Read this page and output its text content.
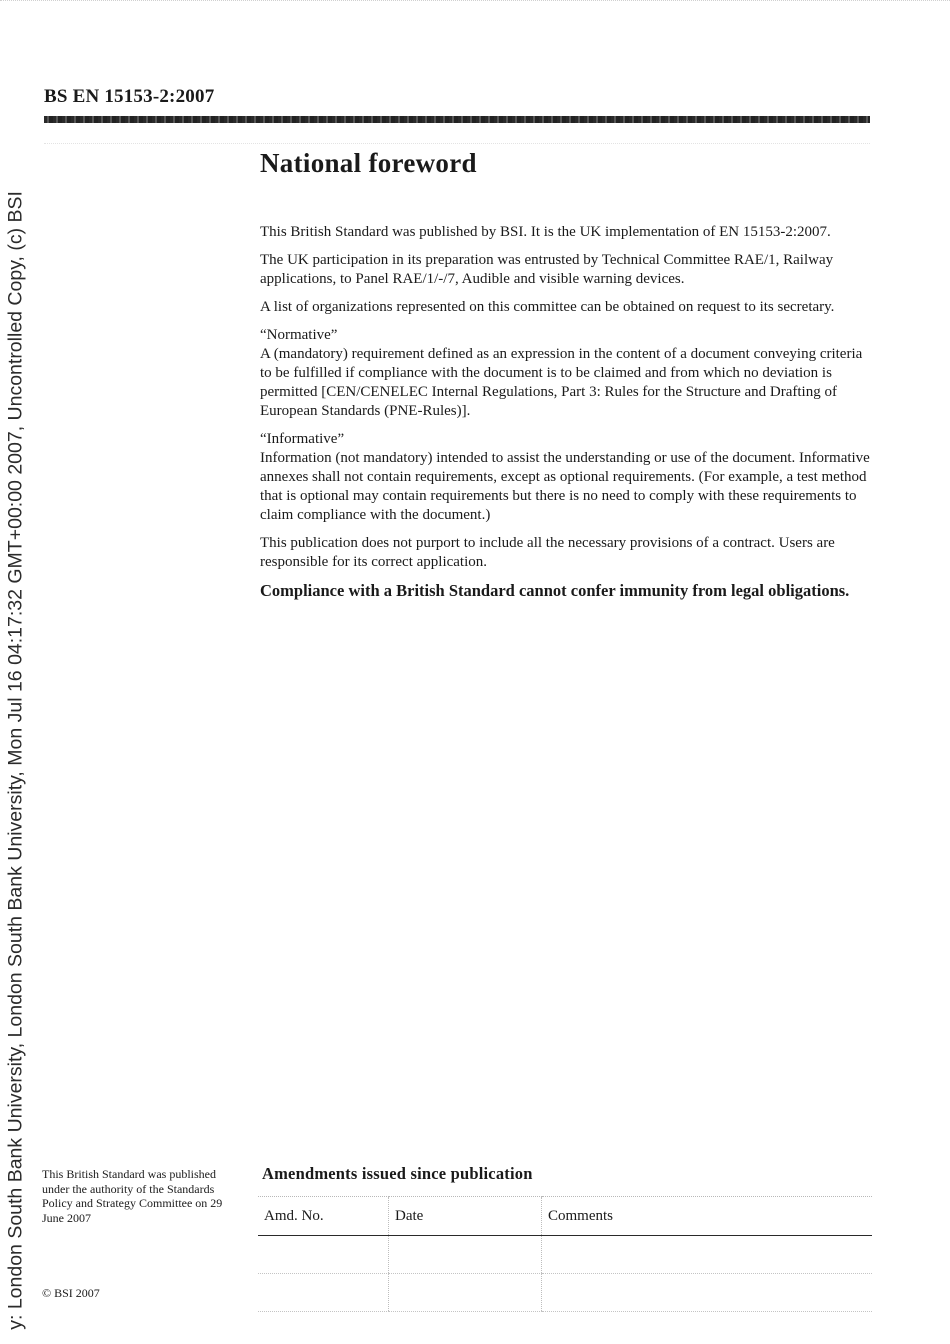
y: London South Bank University, London South Bank University, Mon Jul 16 04:17:32 GMT+00:00 2007, Uncontrolled Copy, (c) BSI
BS EN 15153-2:2007
National foreword

This British Standard was published by BSI. It is the UK implementation of EN 15153-2:2007.

The UK participation in its preparation was entrusted by Technical Committee RAE/1, Railway applications, to Panel RAE/1/-/7, Audible and visible warning devices.

A list of organizations represented on this committee can be obtained on request to its secretary.

“Normative”
A (mandatory) requirement defined as an expression in the content of a document conveying criteria to be fulfilled if compliance with the document is to be claimed and from which no deviation is permitted [CEN/CENELEC Internal Regulations, Part 3: Rules for the Structure and Drafting of European Standards (PNE-Rules)].

“Informative”
Information (not mandatory) intended to assist the understanding or use of the document. Informative annexes shall not contain requirements, except as optional requirements. (For example, a test method that is optional may contain requirements but there is no need to comply with these requirements to claim compliance with the document.)

This publication does not purport to include all the necessary provisions of a contract. Users are responsible for its correct application.

Compliance with a British Standard cannot confer immunity from legal obligations.

This British Standard was published under the authority of the Standards Policy and Strategy Committee on 29 June 2007
© BSI 2007
Amendments issued since publication
Amd. No.	Date	Comments
